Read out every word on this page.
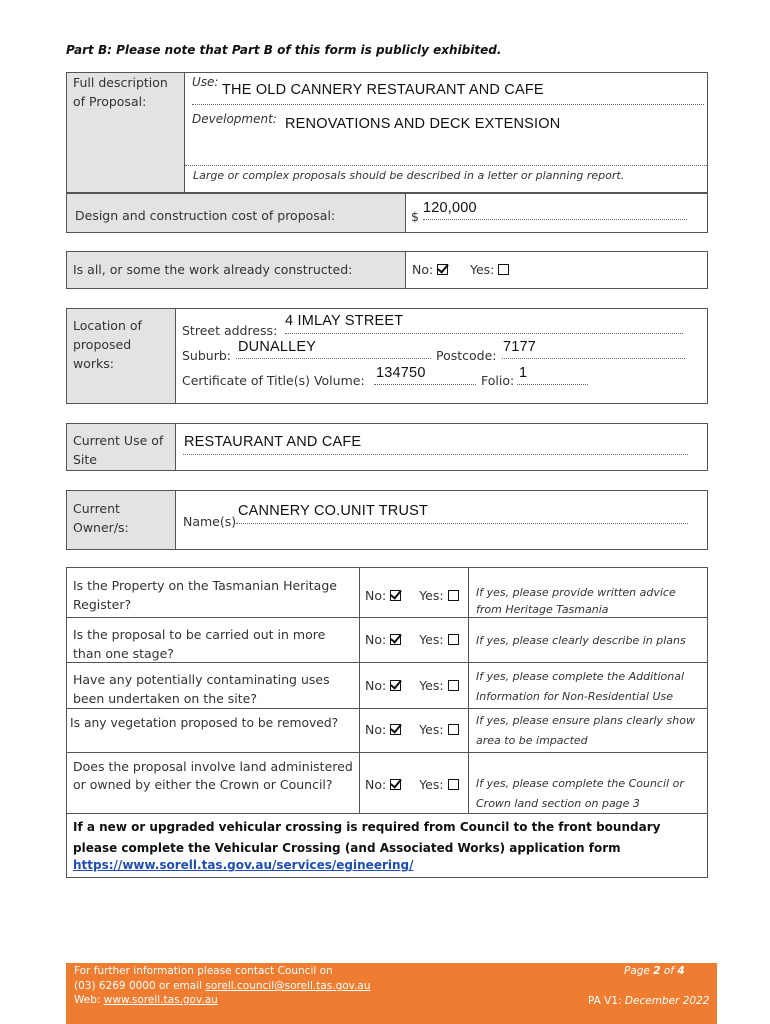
Part B: Please note that Part B of this form is publicly exhibited.
Full description of Proposal:
Use: THE OLD CANNERY RESTAURANT AND CAFE
Development: RENOVATIONS AND DECK EXTENSION
Large or complex proposals should be described in a letter or planning report.
Design and construction cost of proposal:	$
120,000
Is all, or some the work already constructed:	No:	Yes:
Location of proposed works:
Street address:
4 IMLAY STREET
Suburb:
DUNALLEY
Postcode:
7177
Certificate of Title(s) Volume: 134750	Folio: 1
Current Use of Site
RESTAURANT AND CAFE
Current Owner/s:	Name(s)
CANNERY CO.UNIT TRUST
Is the Property on the Tasmanian Heritage Register?
No:	Yes:	If yes, please provide written advice from Heritage Tasmania
Is the proposal to be carried out in more than one stage?
No:	Yes:	If yes, please clearly describe in plans
Have any potentially contaminating uses been undertaken on the site?
No:	Yes:
If yes, please complete the Additional Information for Non-Residential Use
Is any vegetation proposed to be removed?	No:	Yes:
If yes, please ensure plans clearly show area to be impacted
Does the proposal involve land administered or owned by either the Crown or Council?	No:	Yes:	If yes, please complete the Council or Crown land section on page 3
If a new or upgraded vehicular crossing is required from Council to the front boundary please complete the Vehicular Crossing (and Associated Works) application form
https://www.sorell.tas.gov.au/services/egineering/
For further information please contact Council on
(03) 6269 0000 or email sorell.council@sorell.tas.gov.au
Web: www.sorell.tas.gov.au
Page 2 of 4
PA V1: December 2022
